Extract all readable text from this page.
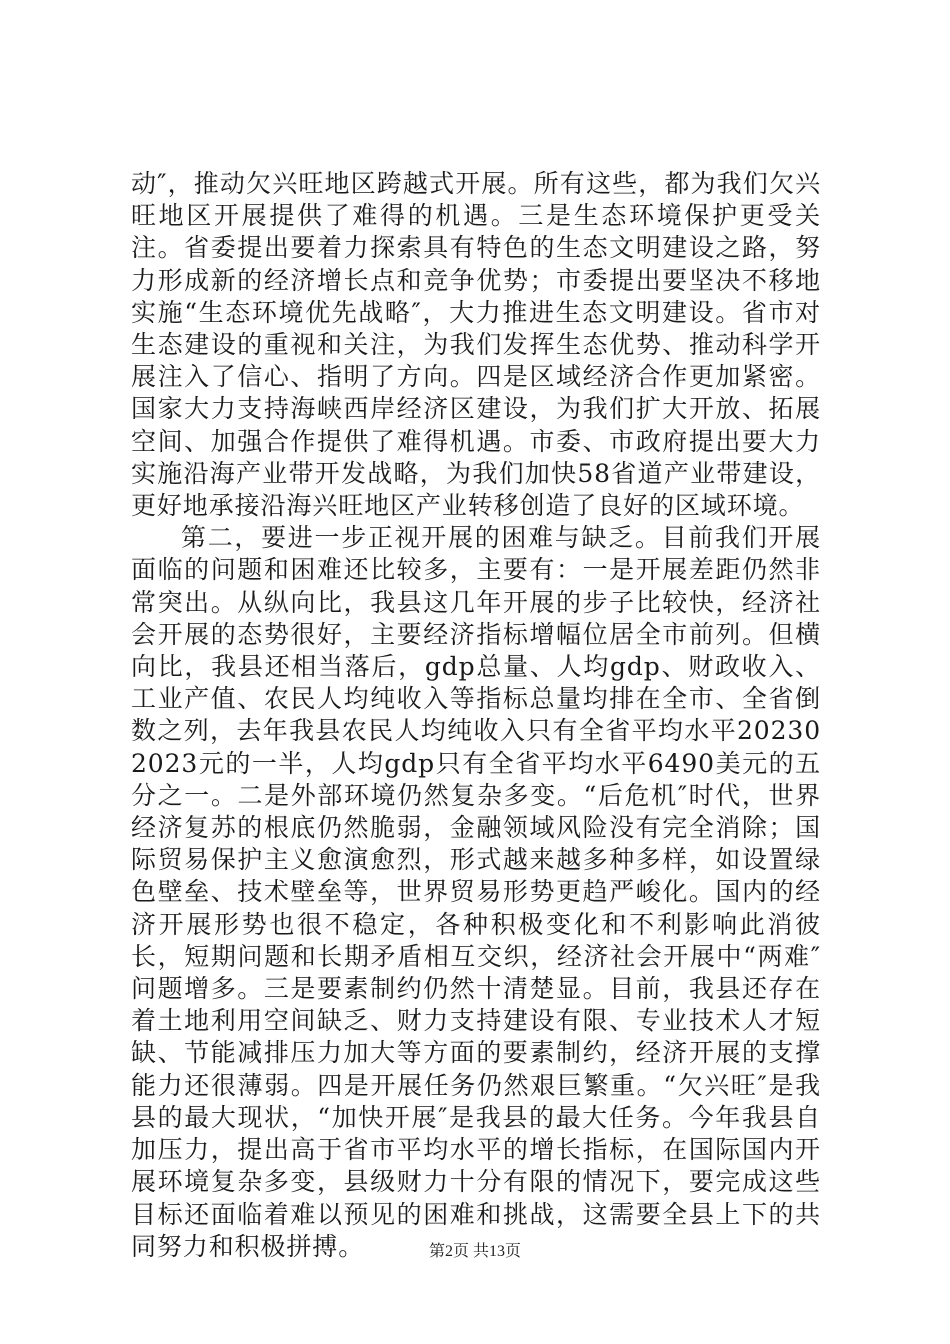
动″，推动欠兴旺地区跨越式开展。所有这些，都为我们欠兴旺地区开展提供了难得的机遇。三是生态环境保护更受关注。省委提出要着力探索具有特色的生态文明建设之路，努力形成新的经济增长点和竞争优势；市委提出要坚决不移地实施“生态环境优先战略″，大力推进生态文明建设。省市对生态建设的重视和关注，为我们发挥生态优势、推动科学开展注入了信心、指明了方向。四是区域经济合作更加紧密。国家大力支持海峡西岸经济区建设，为我们扩大开放、拓展空间、加强合作提供了难得机遇。市委、市政府提出要大力实施沿海产业带开发战略，为我们加快58省道产业带建设，更好地承接沿海兴旺地区产业转移创造了良好的区域环境。

第二，要进一步正视开展的困难与缺乏。目前我们开展面临的问题和困难还比较多，主要有：一是开展差距仍然非常突出。从纵向比，我县这几年开展的步子比较快，经济社会开展的态势很好，主要经济指标增幅位居全市前列。但横向比，我县还相当落后，gdp总量、人均gdp、财政收入、工业产值、农民人均纯收入等指标总量均排在全市、全省倒数之列，去年我县农民人均纯收入只有全省平均水平202302023元的一半，人均gdp只有全省平均水平6490美元的五分之一。二是外部环境仍然复杂多变。“后危机″时代，世界经济复苏的根底仍然脆弱，金融领域风险没有完全消除；国际贸易保护主义愈演愈烈，形式越来越多种多样，如设置绿色壁垒、技术壁垒等，世界贸易形势更趋严峻化。国内的经济开展形势也很不稳定，各种积极变化和不利影响此消彼长，短期问题和长期矛盾相互交织，经济社会开展中“两难″问题增多。三是要素制约仍然十清楚显。目前，我县还存在着土地利用空间缺乏、财力支持建设有限、专业技术人才短缺、节能减排压力加大等方面的要素制约，经济开展的支撑能力还很薄弱。四是开展任务仍然艰巨繁重。“欠兴旺″是我县的最大现状，“加快开展″是我县的最大任务。今年我县自加压力，提出高于省市平均水平的增长指标，在国际国内开展环境复杂多变，县级财力十分有限的情况下，要完成这些目标还面临着难以预见的困难和挑战，这需要全县上下的共同努力和积极拼搏。	第2页 共13页
